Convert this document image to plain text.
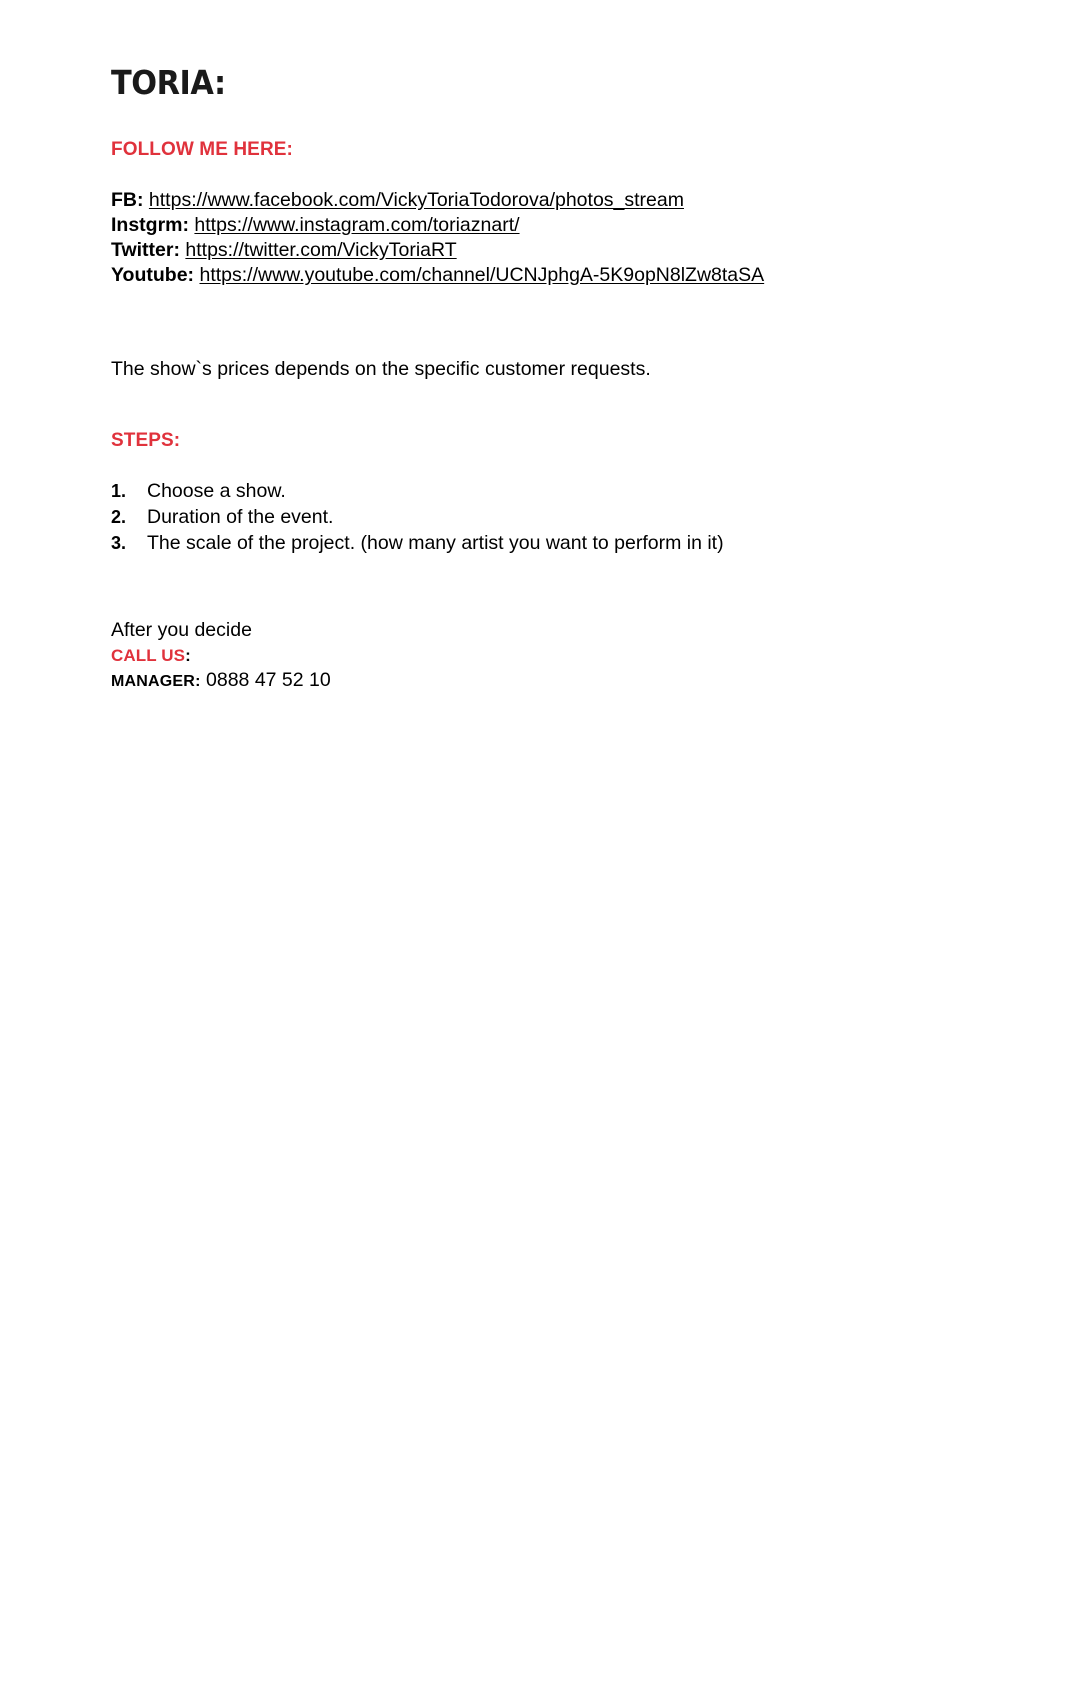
TORIA:
FOLLOW ME HERE:
FB: https://www.facebook.com/VickyToriaTodorova/photos_stream
Instgrm: https://www.instagram.com/toriaznart/
Twitter: https://twitter.com/VickyToriaRT
Youtube: https://www.youtube.com/channel/UCNJphgA-5K9opN8lZw8taSA

The show`s prices depends on the specific customer requests.

STEPS:
1. Choose a show.
2. Duration of the event.
3. The scale of the project. (how many artist you want to perform in it)
After you decide
CALL US:
MANAGER: 0888 47 52 10
